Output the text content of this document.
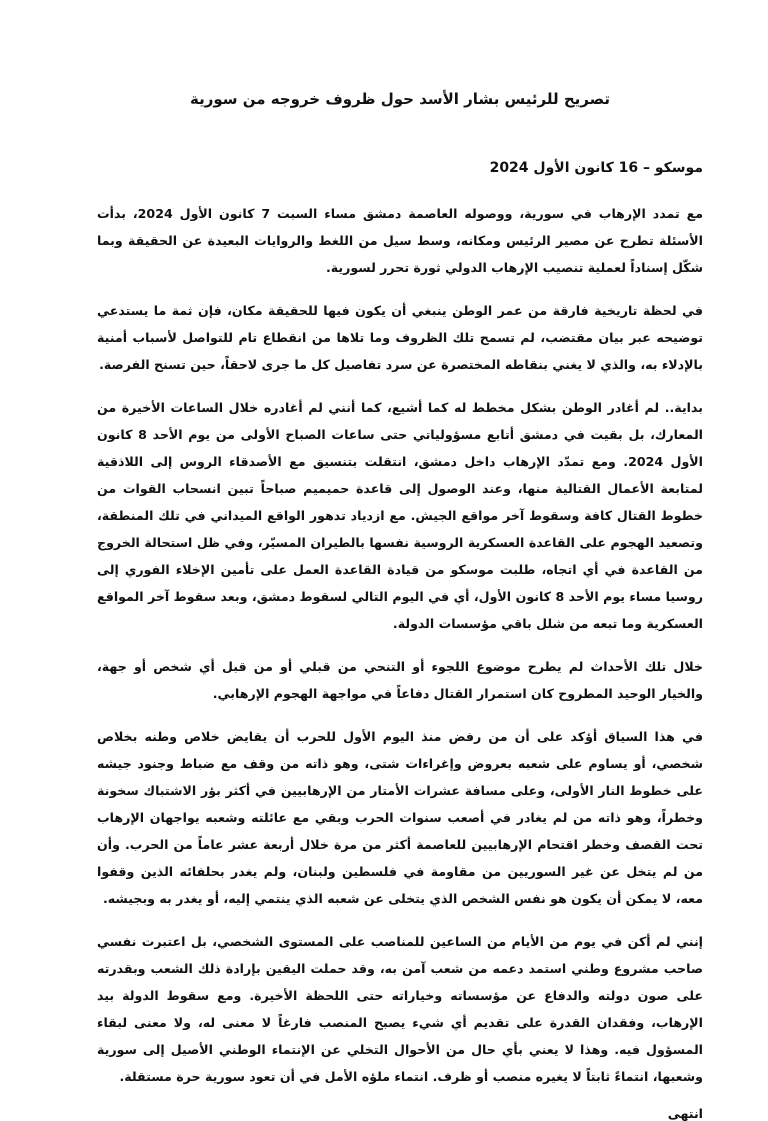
تصريح للرئيس بشار الأسد حول ظروف خروجه من سورية
موسكو – 16 كانون الأول 2024

مع تمدد الإرهاب في سورية، ووصوله العاصمة دمشق مساء السبت 7 كانون الأول 2024، بدأت الأسئلة تطرح عن مصير الرئيس ومكانه، وسط سيل من اللغط والروايات البعيدة عن الحقيقة وبما شكّل إسناداً لعملية تنصيب الإرهاب الدولي ثورة تحرر لسورية.

في لحظة تاريخية فارقة من عمر الوطن ينبغي أن يكون فيها للحقيقة مكان، فإن ثمة ما يستدعي توضيحه عبر بيان مقتضب، لم تسمح تلك الظروف وما تلاها من انقطاع تام للتواصل لأسباب أمنية بالإدلاء به، والذي لا يغني بنقاطه المختصرة عن سرد تفاصيل كل ما جرى لاحقاً، حين تسنح الفرصة.

بداية.. لم أغادر الوطن بشكل مخطط له كما أشيع، كما أنني لم أغادره خلال الساعات الأخيرة من المعارك، بل بقيت في دمشق أتابع مسؤولياتي حتى ساعات الصباح الأولى من يوم الأحد 8 كانون الأول 2024. ومع تمدّد الإرهاب داخل دمشق، انتقلت بتنسيق مع الأصدقاء الروس إلى اللاذقية لمتابعة الأعمال القتالية منها، وعند الوصول إلى قاعدة حميميم صباحاً تبين انسحاب القوات من خطوط القتال كافة وسقوط آخر مواقع الجيش. مع ازدياد تدهور الواقع الميداني في تلك المنطقة، وتصعيد الهجوم على القاعدة العسكرية الروسية نفسها بالطيران المسيّر، وفي ظل استحالة الخروج من القاعدة في أي اتجاه، طلبت موسكو من قيادة القاعدة العمل على تأمين الإخلاء الفوري إلى روسيا مساء يوم الأحد 8 كانون الأول، أي في اليوم التالي لسقوط دمشق، وبعد سقوط آخر المواقع العسكرية وما تبعه من شلل باقي مؤسسات الدولة.

خلال تلك الأحداث لم يطرح موضوع اللجوء أو التنحي من قبلي أو من قبل أي شخص أو جهة، والخيار الوحيد المطروح كان استمرار القتال دفاعاً في مواجهة الهجوم الإرهابي.

في هذا السياق أؤكد على أن من رفض منذ اليوم الأول للحرب أن يقايض خلاص وطنه بخلاص شخصي، أو يساوم على شعبه بعروض وإغراءات شتى، وهو ذاته من وقف مع ضباط وجنود جيشه على خطوط النار الأولى، وعلى مسافة عشرات الأمتار من الإرهابيين في أكثر بؤر الاشتباك سخونة وخطراً، وهو ذاته من لم يغادر في أصعب سنوات الحرب وبقي مع عائلته وشعبه يواجهان الإرهاب تحت القصف وخطر اقتحام الإرهابيين للعاصمة أكثر من مرة خلال أربعة عشر عاماً من الحرب. وأن من لم يتخل عن غير السوريين من مقاومة في فلسطين ولبنان، ولم يغدر بحلفائه الذين وقفوا معه، لا يمكن أن يكون هو نفس الشخص الذي يتخلى عن شعبه الذي ينتمي إليه، أو يغدر به وبجيشه.

إنني لم أكن في يوم من الأيام من الساعين للمناصب على المستوى الشخصي، بل اعتبرت نفسي صاحب مشروع وطني استمد دعمه من شعب آمن به، وقد حملت اليقين بإرادة ذلك الشعب وبقدرته على صون دولته والدفاع عن مؤسساته وخياراته حتى اللحظة الأخيرة. ومع سقوط الدولة بيد الإرهاب، وفقدان القدرة على تقديم أي شيء يصبح المنصب فارغاً لا معنى له، ولا معنى لبقاء المسؤول فيه. وهذا لا يعني بأي حال من الأحوال التخلي عن الإنتماء الوطني الأصيل إلى سورية وشعبها، انتماءً ثابتاً لا يغيره منصب أو ظرف. انتماء ملؤه الأمل في أن تعود سورية حرة مستقلة.

انتهى
